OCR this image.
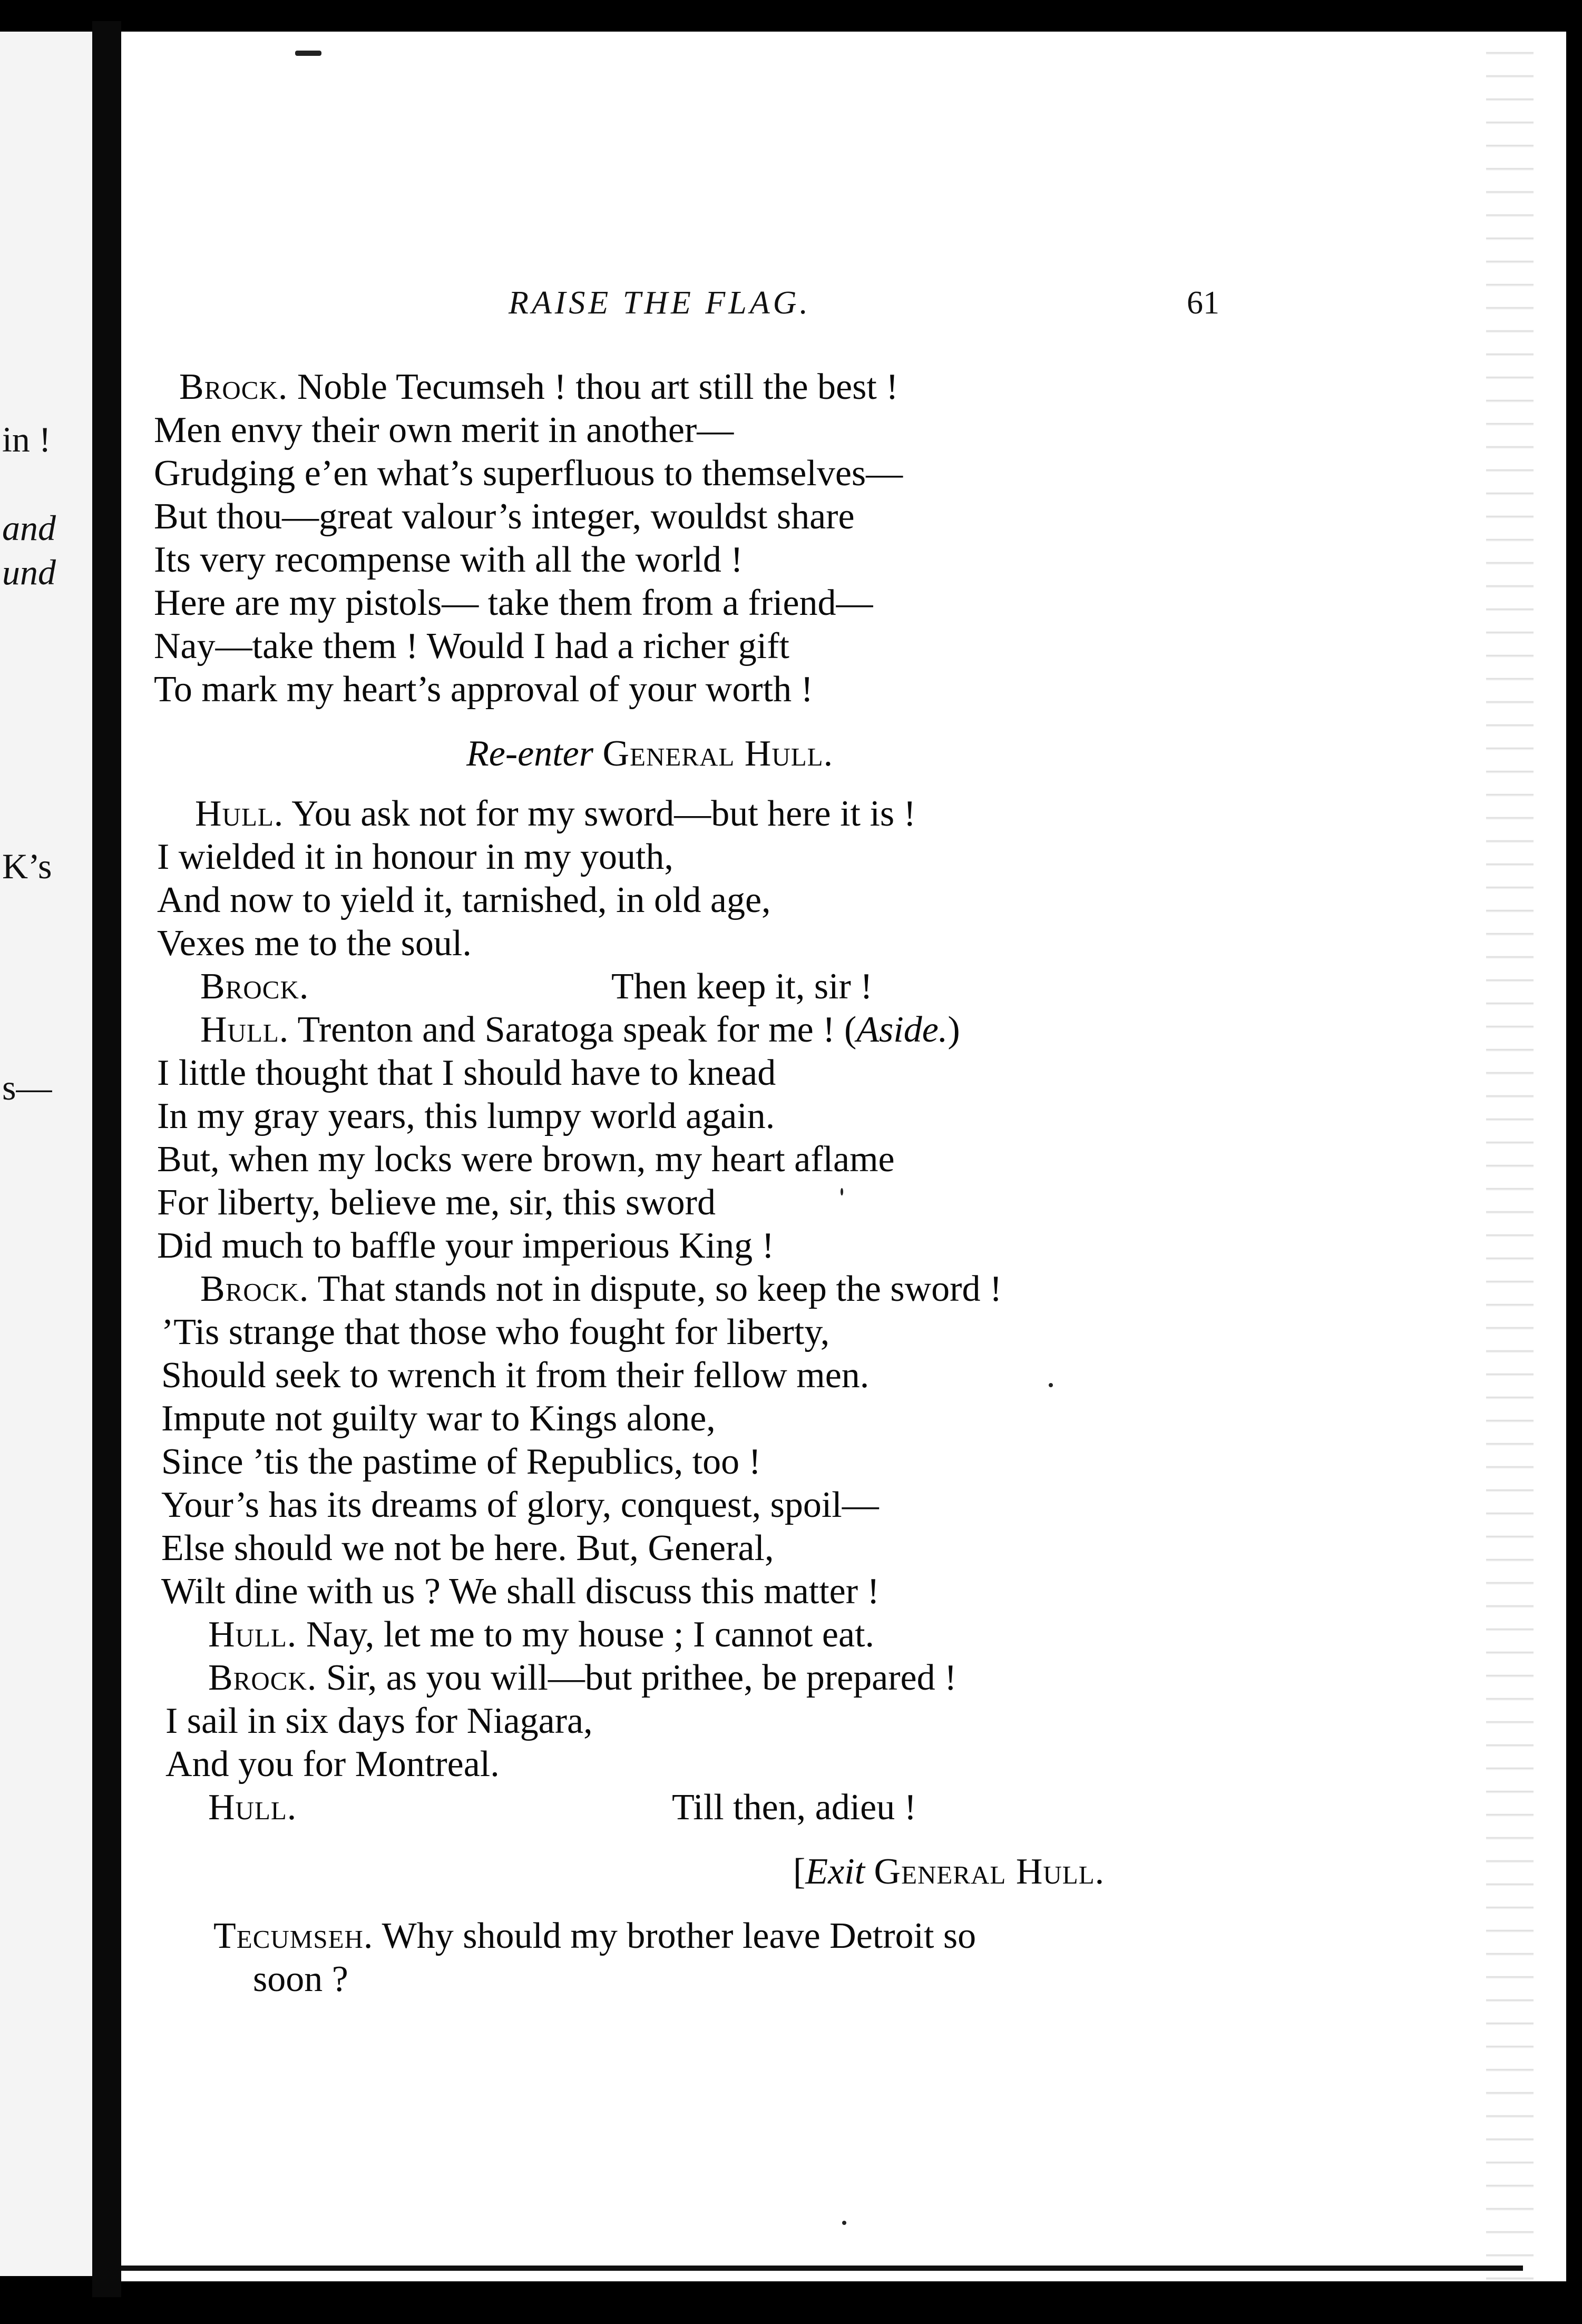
in !
and
und
K’s
s—
RAISE THE FLAG.	61
Brock. Noble Tecumseh ! thou art still the best !
Men envy their own merit in another—
Grudging e’en what’s superfluous to themselves—
But thou—great valour’s integer, wouldst share
Its very recompense with all the world !
Here are my pistols— take them from a friend—
Nay—take them ! Would I had a richer gift
To mark my heart’s approval of your worth !
Re-enter General Hull.
Hull. You ask not for my sword—but here it is !
I wielded it in honour in my youth,
And now to yield it, tarnished, in old age,
Vexes me to the soul.
Brock.	Then keep it, sir !
Hull. Trenton and Saratoga speak for me ! (Aside.)
I little thought that I should have to knead
In my gray years, this lumpy world again.
But, when my locks were brown, my heart aflame
For liberty, believe me, sir, this sword
Did much to baffle your imperious King !
Brock. That stands not in dispute, so keep the sword !
’Tis strange that those who fought for liberty,
Should seek to wrench it from their fellow men.
Impute not guilty war to Kings alone,
Since ’tis the pastime of Republics, too !
Your’s has its dreams of glory, conquest, spoil—
Else should we not be here. But, General,
Wilt dine with us ? We shall discuss this matter !
Hull. Nay, let me to my house ; I cannot eat.
Brock. Sir, as you will—but prithee, be prepared !
I sail in six days for Niagara,
And you for Montreal.
Hull.	Till then, adieu !
[Exit General Hull.
Tecumseh. Why should my brother leave Detroit so
soon ?
